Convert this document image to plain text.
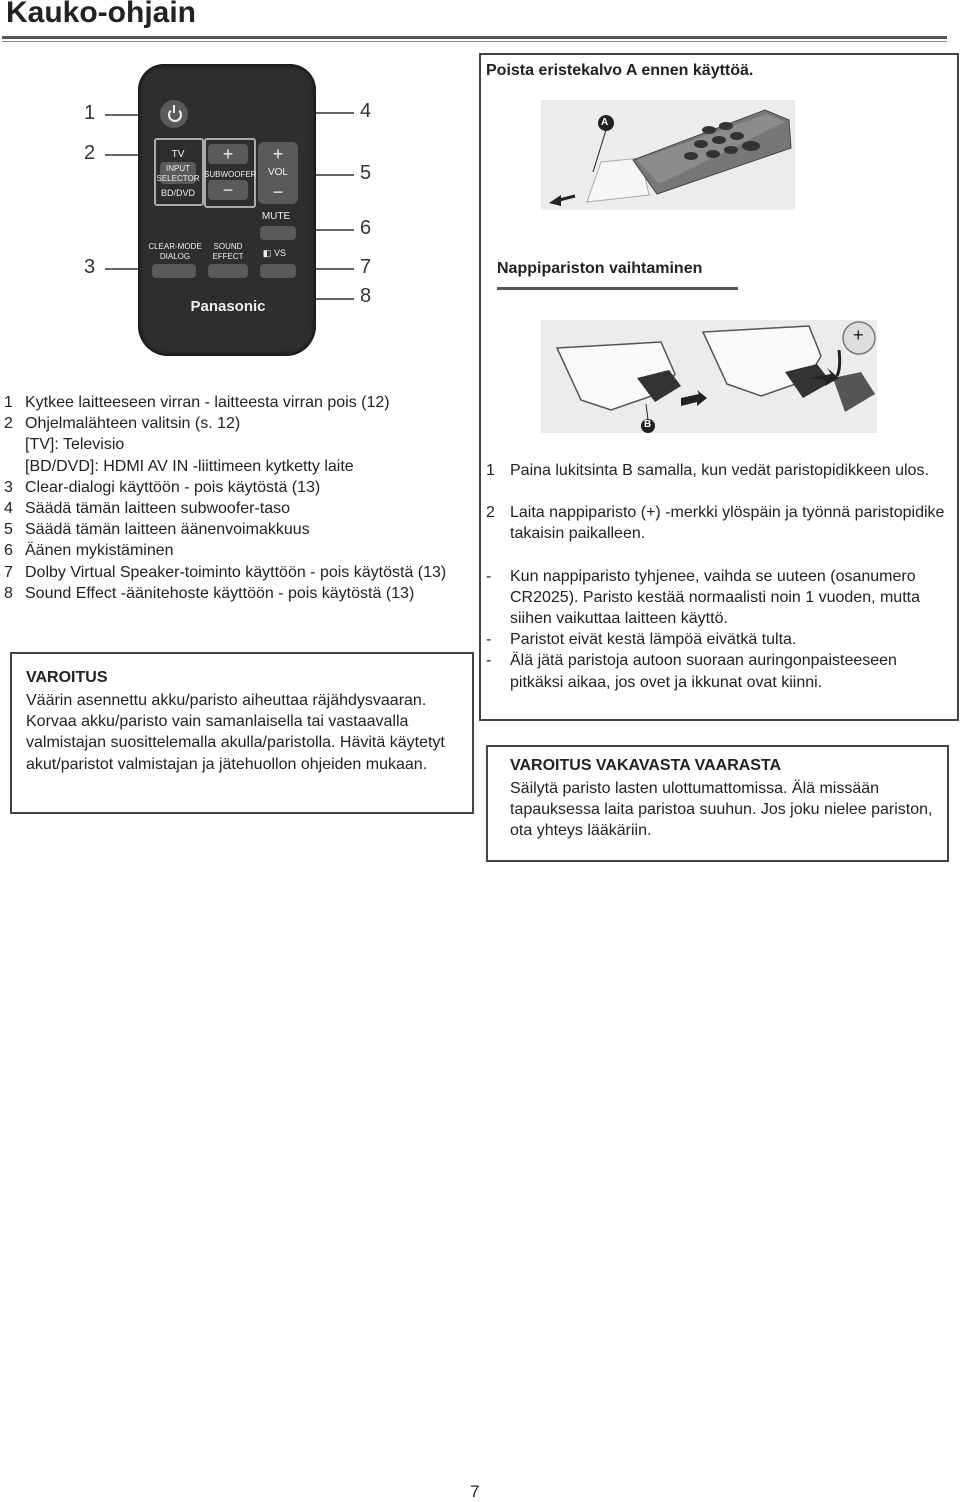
Kauko-ohjain
1
2
3
4
5
6
7
8
TV
INPUT
SELECTOR
BD/DVD
+
SUBWOOFER
−
+
VOL
−
MUTE
CLEAR-MODE
DIALOG
SOUND
EFFECT	◧ VS
Panasonic
1 Kytkee laitteeseen virran - laitteesta virran pois (12)
2 Ohjelmalähteen valitsin (s. 12)
[TV]: Televisio
[BD/DVD]: HDMI AV IN -liittimeen kytketty laite
3 Clear-dialogi käyttöön - pois käytöstä (13)
4 Säädä tämän laitteen subwoofer-taso
5 Säädä tämän laitteen äänenvoimakkuus
6 Äänen mykistäminen
7 Dolby Virtual Speaker-toiminto käyttöön - pois käytöstä (13)
8 Sound Effect -äänitehoste käyttöön - pois käytöstä (13)
VAROITUS
Väärin asennettu akku/paristo aiheuttaa räjähdysvaaran. Korvaa akku/paristo vain samanlaisella tai vastaavalla valmistajan suosittelemalla akulla/paristolla. Hävitä käytetyt akut/paristot valmistajan ja jätehuollon ohjeiden mukaan.
Poista eristekalvo A ennen käyttöä.
A
Nappipariston vaihtaminen
B
+
1 Paina lukitsinta B samalla, kun vedät paristopidikkeen ulos.
2 Laita nappiparisto (+) -merkki ylöspäin ja työnnä paristopidike takaisin paikalleen.
-	Kun nappiparisto tyhjenee, vaihda se uuteen (osanumero CR2025). Paristo kestää normaalisti noin 1 vuoden, mutta siihen vaikuttaa laitteen käyttö.
-	Paristot eivät kestä lämpöä eivätkä tulta.
-	Älä jätä paristoja autoon suoraan auringonpaisteeseen pitkäksi aikaa, jos ovet ja ikkunat ovat kiinni.
VAROITUS VAKAVASTA VAARASTA
Säilytä paristo lasten ulottumattomissa. Älä missään tapauksessa laita paristoa suuhun. Jos joku nielee pariston, ota yhteys lääkäriin.
7
